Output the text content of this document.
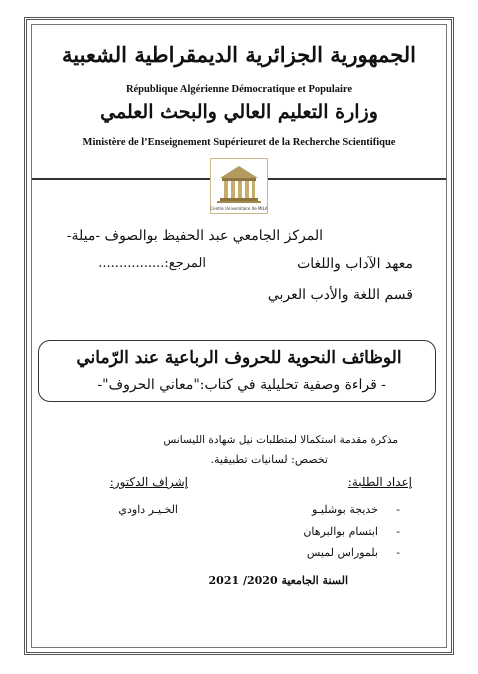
الجمهورية الجزائرية الديمقراطية الشعبية
République Algérienne Démocratique et Populaire
وزارة التعليم العالي والبحث العلمي
Ministère de l’Enseignement Supérieuret de la Recherche Scientifique
Centre Universitaire de MILA
المركز الجامعي عبد الحفيظ بوالصوف -ميلة-
معهد الآداب واللغات
المرجع:................
قسم اللغة والأدب العربي
الوظائف النحوية للحروف الرباعية عند الرّماني
- قراءة وصفية تحليلية في كتاب:"معاني الحروف"-
مذكرة مقدمة استكمالا لمتطلبات نيل شهادة الليسانس
تخصص: لسانيات تطبيقية.
إعداد الطلبة:
إشراف الدكتور:
-
خديجة بوشليـو
-
ابتسام بوالبرهان
-
بلموراس لميس
الخـيـر داودي
السنة الجامعية 2020/ 2021
